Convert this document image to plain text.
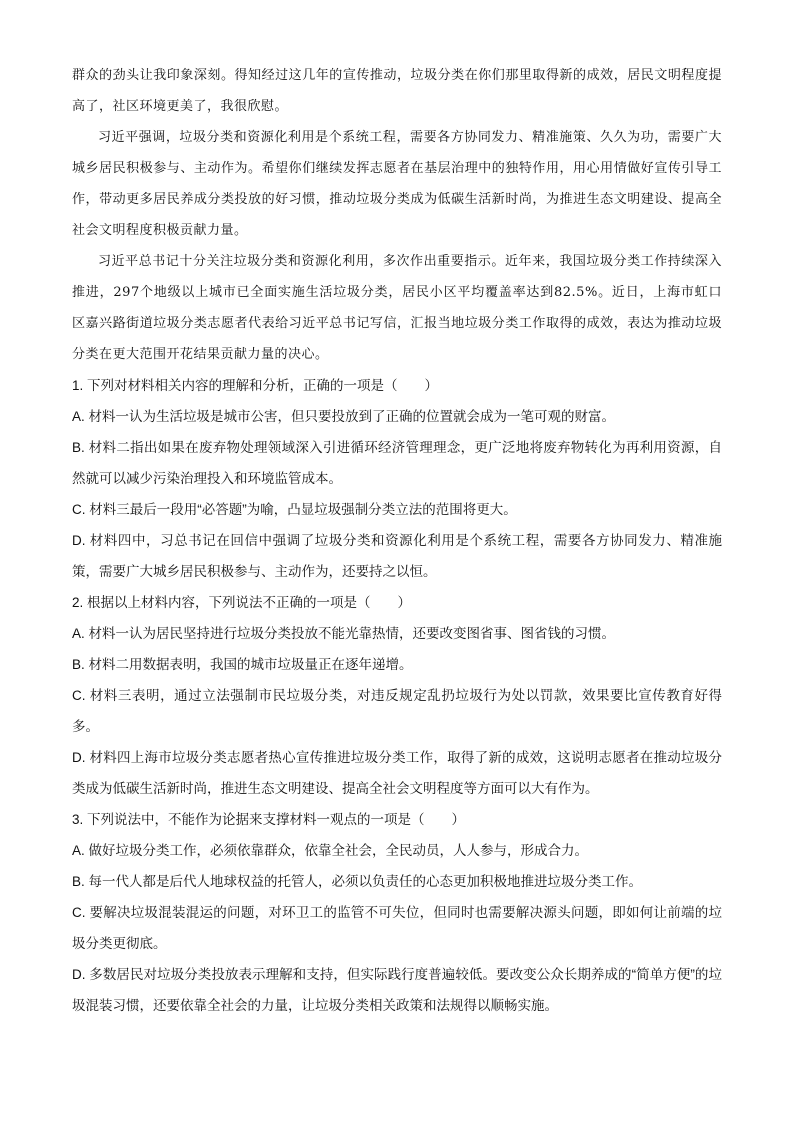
群众的劲头让我印象深刻。得知经过这几年的宣传推动，垃圾分类在你们那里取得新的成效，居民文明程度提高了，社区环境更美了，我很欣慰。

习近平强调，垃圾分类和资源化利用是个系统工程，需要各方协同发力、精准施策、久久为功，需要广大城乡居民积极参与、主动作为。希望你们继续发挥志愿者在基层治理中的独特作用，用心用情做好宣传引导工作，带动更多居民养成分类投放的好习惯，推动垃圾分类成为低碳生活新时尚，为推进生态文明建设、提高全社会文明程度积极贡献力量。

习近平总书记十分关注垃圾分类和资源化利用，多次作出重要指示。近年来，我国垃圾分类工作持续深入推进，297个地级以上城市已全面实施生活垃圾分类，居民小区平均覆盖率达到82.5%。近日，上海市虹口区嘉兴路街道垃圾分类志愿者代表给习近平总书记写信，汇报当地垃圾分类工作取得的成效，表达为推动垃圾分类在更大范围开花结果贡献力量的决心。

1. 下列对材料相关内容的理解和分析，正确的一项是（　　）

A. 材料一认为生活垃圾是城市公害，但只要投放到了正确的位置就会成为一笔可观的财富。

B. 材料二指出如果在废弃物处理领域深入引进循环经济管理理念，更广泛地将废弃物转化为再利用资源，自然就可以减少污染治理投入和环境监管成本。

C. 材料三最后一段用“必答题”为喻，凸显垃圾强制分类立法的范围将更大。

D. 材料四中，习总书记在回信中强调了垃圾分类和资源化利用是个系统工程，需要各方协同发力、精准施策，需要广大城乡居民积极参与、主动作为，还要持之以恒。

2. 根据以上材料内容，下列说法不正确的一项是（　　）

A. 材料一认为居民坚持进行垃圾分类投放不能光靠热情，还要改变图省事、图省钱的习惯。

B. 材料二用数据表明，我国的城市垃圾量正在逐年递增。

C. 材料三表明，通过立法强制市民垃圾分类，对违反规定乱扔垃圾行为处以罚款，效果要比宣传教育好得多。

D. 材料四上海市垃圾分类志愿者热心宣传推进垃圾分类工作，取得了新的成效，这说明志愿者在推动垃圾分类成为低碳生活新时尚，推进生态文明建设、提高全社会文明程度等方面可以大有作为。

3. 下列说法中，不能作为论据来支撑材料一观点的一项是（　　）

A. 做好垃圾分类工作，必须依靠群众，依靠全社会，全民动员，人人参与，形成合力。

B. 每一代人都是后代人地球权益的托管人，必须以负责任的心态更加积极地推进垃圾分类工作。

C. 要解决垃圾混装混运的问题，对环卫工的监管不可失位，但同时也需要解决源头问题，即如何让前端的垃圾分类更彻底。

D. 多数居民对垃圾分类投放表示理解和支持，但实际践行度普遍较低。要改变公众长期养成的“简单方便”的垃圾混装习惯，还要依靠全社会的力量，让垃圾分类相关政策和法规得以顺畅实施。
